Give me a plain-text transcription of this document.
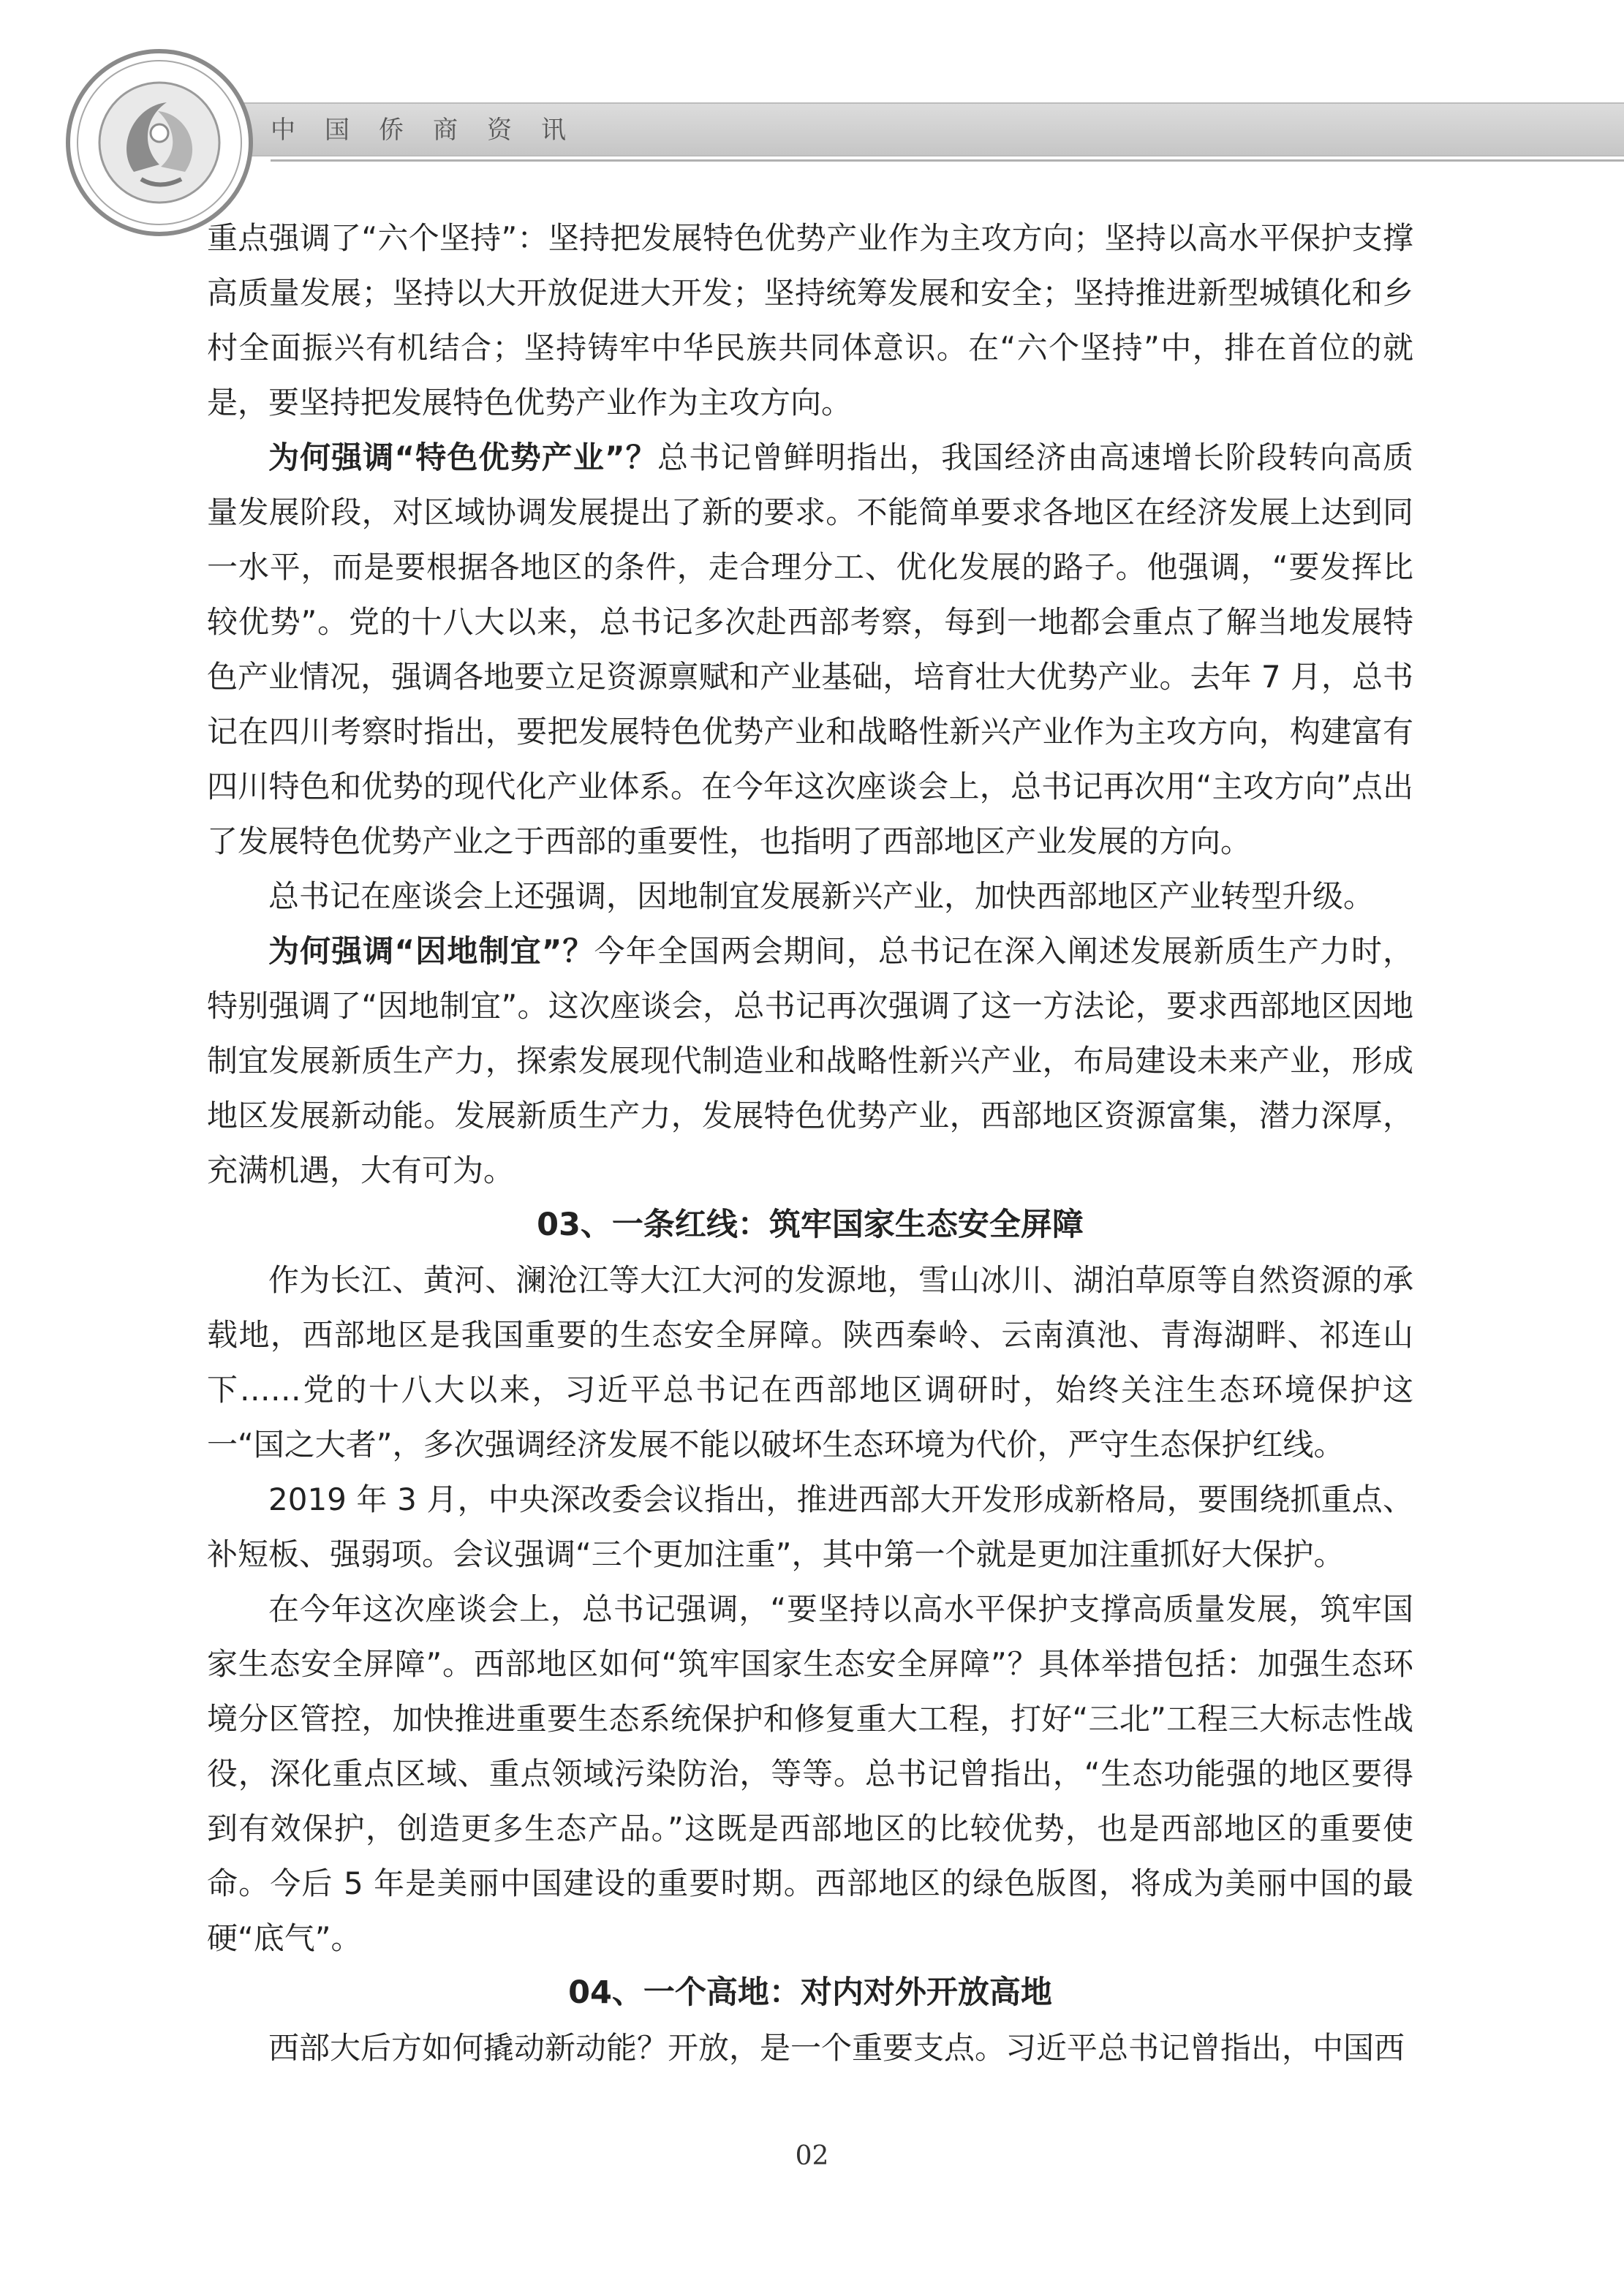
中国侨商资讯

重点强调了“六个坚持”：坚持把发展特色优势产业作为主攻方向；坚持以高水平保护支撑高质量发展；坚持以大开放促进大开发；坚持统筹发展和安全；坚持推进新型城镇化和乡村全面振兴有机结合；坚持铸牢中华民族共同体意识。在“六个坚持”中，排在首位的就是，要坚持把发展特色优势产业作为主攻方向。

为何强调“特色优势产业”？总书记曾鲜明指出，我国经济由高速增长阶段转向高质量发展阶段，对区域协调发展提出了新的要求。不能简单要求各地区在经济发展上达到同一水平，而是要根据各地区的条件，走合理分工、优化发展的路子。他强调，“要发挥比较优势”。党的十八大以来，总书记多次赴西部考察，每到一地都会重点了解当地发展特色产业情况，强调各地要立足资源禀赋和产业基础，培育壮大优势产业。去年 7 月，总书记在四川考察时指出，要把发展特色优势产业和战略性新兴产业作为主攻方向，构建富有四川特色和优势的现代化产业体系。在今年这次座谈会上，总书记再次用“主攻方向”点出了发展特色优势产业之于西部的重要性，也指明了西部地区产业发展的方向。

总书记在座谈会上还强调，因地制宜发展新兴产业，加快西部地区产业转型升级。

为何强调“因地制宜”？今年全国两会期间，总书记在深入阐述发展新质生产力时，特别强调了“因地制宜”。这次座谈会，总书记再次强调了这一方法论，要求西部地区因地制宜发展新质生产力，探索发展现代制造业和战略性新兴产业，布局建设未来产业，形成地区发展新动能。发展新质生产力，发展特色优势产业，西部地区资源富集，潜力深厚，充满机遇，大有可为。

03、一条红线：筑牢国家生态安全屏障

作为长江、黄河、澜沧江等大江大河的发源地，雪山冰川、湖泊草原等自然资源的承载地，西部地区是我国重要的生态安全屏障。陕西秦岭、云南滇池、青海湖畔、祁连山下……党的十八大以来，习近平总书记在西部地区调研时，始终关注生态环境保护这一“国之大者”，多次强调经济发展不能以破坏生态环境为代价，严守生态保护红线。

2019 年 3 月，中央深改委会议指出，推进西部大开发形成新格局，要围绕抓重点、补短板、强弱项。会议强调“三个更加注重”，其中第一个就是更加注重抓好大保护。

在今年这次座谈会上，总书记强调，“要坚持以高水平保护支撑高质量发展，筑牢国家生态安全屏障”。西部地区如何“筑牢国家生态安全屏障”？具体举措包括：加强生态环境分区管控，加快推进重要生态系统保护和修复重大工程，打好“三北”工程三大标志性战役，深化重点区域、重点领域污染防治，等等。总书记曾指出，“生态功能强的地区要得到有效保护，创造更多生态产品。”这既是西部地区的比较优势，也是西部地区的重要使命。今后 5 年是美丽中国建设的重要时期。西部地区的绿色版图，将成为美丽中国的最硬“底气”。

04、一个高地：对内对外开放高地

西部大后方如何撬动新动能？开放，是一个重要支点。习近平总书记曾指出，中国西

02
